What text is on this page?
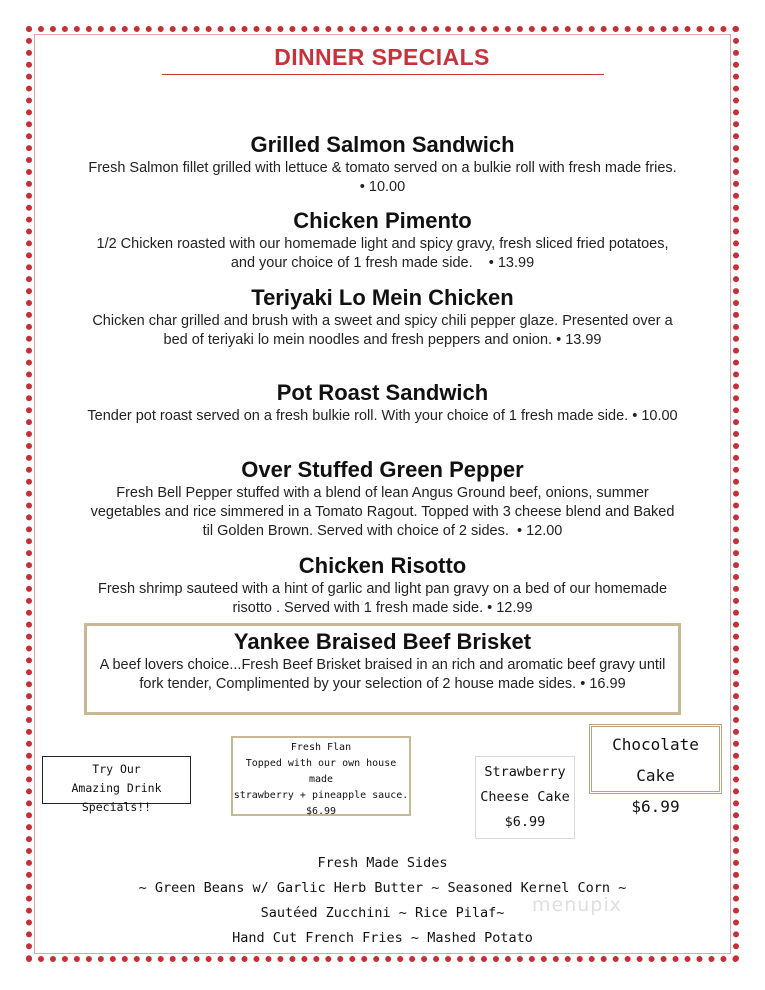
DINNER SPECIALS
Grilled Salmon Sandwich

Fresh Salmon fillet grilled with lettuce & tomato served on a bulkie roll with fresh made fries. • 10.00

Chicken Pimento

1/2 Chicken roasted with our homemade light and spicy gravy, fresh sliced fried potatoes, and your choice of 1 fresh made side. • 13.99

Teriyaki Lo Mein Chicken

Chicken char grilled and brush with a sweet and spicy chili pepper glaze. Presented over a bed of teriyaki lo mein noodles and fresh peppers and onion. • 13.99

Pot Roast Sandwich

Tender pot roast served on a fresh bulkie roll. With your choice of 1 fresh made side. • 10.00

Over Stuffed Green Pepper

Fresh Bell Pepper stuffed with a blend of lean Angus Ground beef, onions, summer vegetables and rice simmered in a Tomato Ragout. Topped with 3 cheese blend and Baked til Golden Brown. Served with choice of 2 sides. • 12.00

Chicken Risotto

Fresh shrimp sauteed with a hint of garlic and light pan gravy on a bed of our homemade risotto . Served with 1 fresh made side. • 12.99

Yankee Braised Beef Brisket

A beef lovers choice...Fresh Beef Brisket braised in an rich and aromatic beef gravy until fork tender, Complimented by your selection of 2 house made sides. • 16.99

Try Our
Amazing Drink Specials!!
Fresh Flan
Topped with our own house made
strawberry + pineapple sauce.
$6.99
Strawberry
Cheese Cake
$6.99
Chocolate Cake
$6.99
Fresh Made Sides
~ Green Beans w/ Garlic Herb Butter ~ Seasoned Kernel Corn ~
Sautéed Zucchini ~ Rice Pilaf~
Hand Cut French Fries ~ Mashed Potato
menupix
